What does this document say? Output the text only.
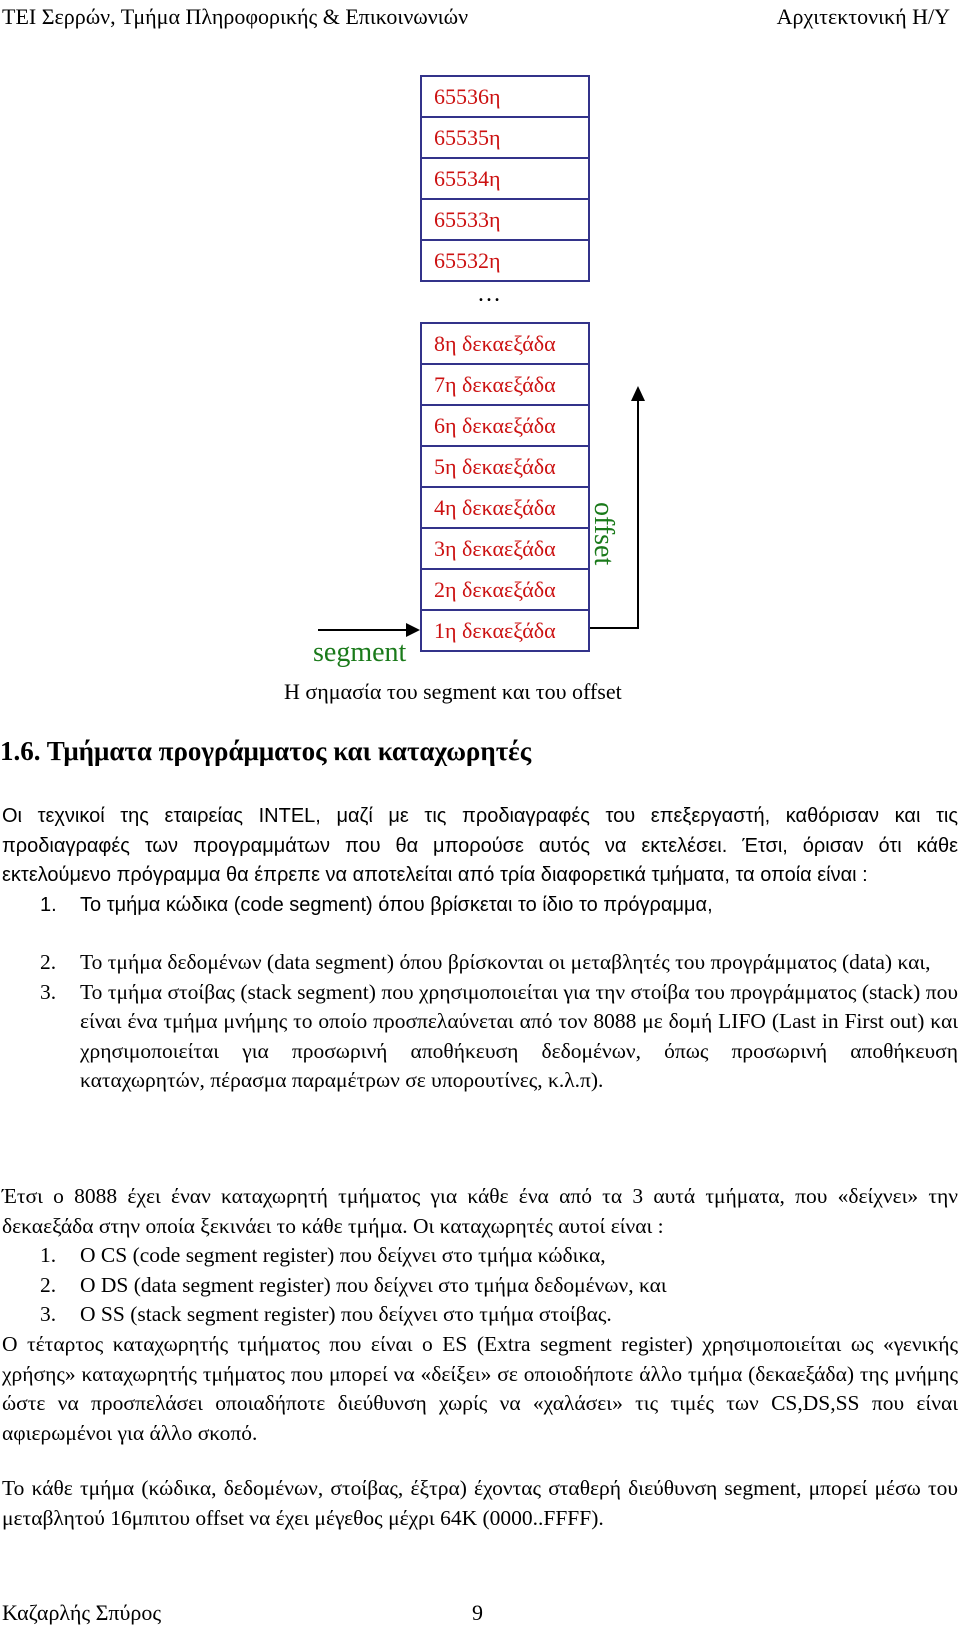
ΤΕΙ Σερρών, Τμήμα Πληροφορικής & Επικοινωνιών	Αρχιτεκτονική Η/Υ
65536η
65535η
65534η
65533η
65532η
…
8η δεκαεξάδα
7η δεκαεξάδα
6η δεκαεξάδα
5η δεκαεξάδα
4η δεκαεξάδα
3η δεκαεξάδα
2η δεκαεξάδα
1η δεκαεξάδα
offset
segment
Η σημασία του segment και του offset
1.6. Τμήματα προγράμματος και καταχωρητές

Οι τεχνικοί της εταιρείας INTEL, μαζί με τις προδιαγραφές του επεξεργαστή, καθόρισαν και τις προδιαγραφές των προγραμμάτων που θα μπορούσε αυτός να εκτελέσει. Έτσι, όρισαν ότι κάθε εκτελούμενο πρόγραμμα θα έπρεπε να αποτελείται από τρία διαφορετικά τμήματα, τα οποία είναι :

1. Το τμήμα κώδικα (code segment) όπου βρίσκεται το ίδιο το πρόγραμμα,
2. Το τμήμα δεδομένων (data segment) όπου βρίσκονται οι μεταβλητές του προγράμματος (data) και,
3. Το τμήμα στοίβας (stack segment) που χρησιμοποιείται για την στοίβα του προγράμματος (stack) που είναι ένα τμήμα μνήμης το οποίο προσπελαύνεται από τον 8088 με δομή LIFO (Last in First out) και χρησιμοποιείται για προσωρινή αποθήκευση δεδομένων, όπως προσωρινή αποθήκευση καταχωρητών, πέρασμα παραμέτρων σε υπορουτίνες, κ.λ.π).

Έτσι ο 8088 έχει έναν καταχωρητή τμήματος για κάθε ένα από τα 3 αυτά τμήματα, που «δείχνει» την δεκαεξάδα στην οποία ξεκινάει το κάθε τμήμα. Οι καταχωρητές αυτοί είναι :

1. Ο CS (code segment register) που δείχνει στο τμήμα κώδικα,
2. Ο DS (data segment register) που δείχνει στο τμήμα δεδομένων, και
3. Ο SS (stack segment register) που δείχνει στο τμήμα στοίβας.

Ο τέταρτος καταχωρητής τμήματος που είναι ο ES (Extra segment register) χρησιμοποιείται ως «γενικής χρήσης» καταχωρητής τμήματος που μπορεί να «δείξει» σε οποιοδήποτε άλλο τμήμα (δεκαεξάδα) της μνήμης ώστε να προσπελάσει οποιαδήποτε διεύθυνση χωρίς να «χαλάσει» τις τιμές των CS,DS,SS που είναι αφιερωμένοι για άλλο σκοπό.

Το κάθε τμήμα (κώδικα, δεδομένων, στοίβας, έξτρα) έχοντας σταθερή διεύθυνση segment, μπορεί μέσω του μεταβλητού 16μπιτου offset να έχει μέγεθος μέχρι 64K (0000..FFFF).

Καζαρλής Σπύρος	9
